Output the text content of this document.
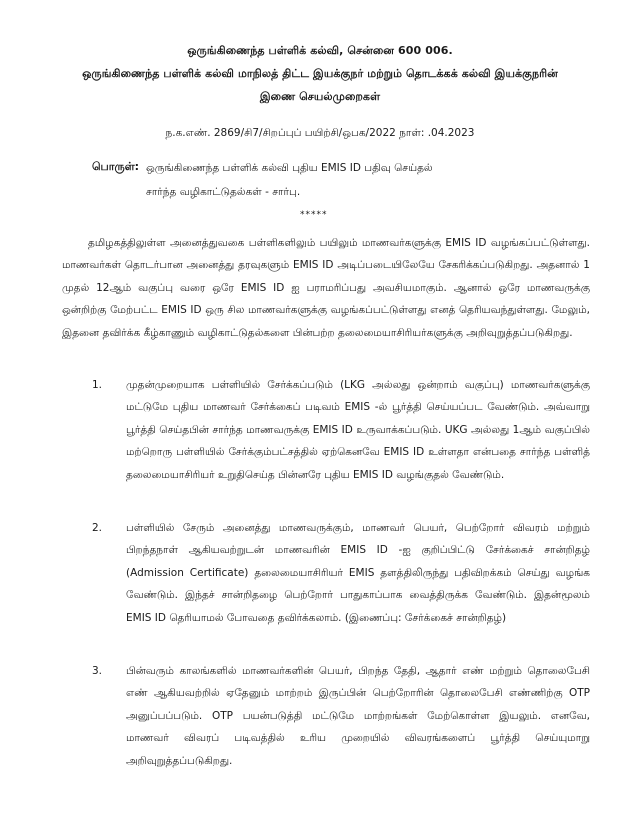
ஒருங்கிணைந்த பள்ளிக் கல்வி, சென்னை 600 006.
ஒருங்கிணைந்த பள்ளிக் கல்வி மாநிலத் திட்ட இயக்குநர் மற்றும் தொடக்கக் கல்வி இயக்குநரின்
இணை செயல்முறைகள்
ந.க.எண். 2869/சி7/சிறப்புப் பயிற்சி/ஒபக/2022 நாள்: .04.2023
பொருள்: ஒருங்கிணைந்த பள்ளிக் கல்வி புதிய EMIS ID பதிவு செய்தல்
சார்ந்த வழிகாட்டுதல்கள் - சார்பு.
*****
தமிழகத்திலுள்ள அனைத்துவகை பள்ளிகளிலும் பயிலும் மாணவர்களுக்கு EMIS ID வழங்கப்பட்டுள்ளது. மாணவர்கள் தொடர்பான அனைத்து தரவுகளும் EMIS ID அடிப்படையிலேயே சேகரிக்கப்படுகிறது. அதனால் 1 முதல் 12ஆம் வகுப்பு வரை ஒரே EMIS ID ஐ பராமரிப்பது அவசியமாகும். ஆனால் ஒரே மாணவருக்கு ஒன்றிற்கு மேற்பட்ட EMIS ID ஒரு சில மாணவர்களுக்கு வழங்கப்பட்டுள்ளது எனத் தெரியவந்துள்ளது. மேலும், இதனை தவிர்க்க கீழ்காணும் வழிகாட்டுதல்களை பின்பற்ற தலைமையாசிரியர்களுக்கு அறிவுறுத்தப்படுகிறது.
1. முதன்முறையாக பள்ளியில் சேர்க்கப்படும் (LKG அல்லது ஒன்றாம் வகுப்பு) மாணவர்களுக்கு மட்டுமே புதிய மாணவர் சேர்க்கைப் படிவம் EMIS -ல் பூர்த்தி செய்யப்பட வேண்டும். அவ்வாறு பூர்த்தி செய்தபின் சார்ந்த மாணவருக்கு EMIS ID உருவாக்கப்படும். UKG அல்லது 1ஆம் வகுப்பில் மற்றொரு பள்ளியில் சேர்க்கும்பட்சத்தில் ஏற்கெனவே EMIS ID உள்ளதா என்பதை சார்ந்த பள்ளித் தலைமையாசிரியர் உறுதிசெய்த பின்னரே புதிய EMIS ID வழங்குதல் வேண்டும்.
2. பள்ளியில் சேரும் அனைத்து மாணவருக்கும், மாணவர் பெயர், பெற்றோர் விவரம் மற்றும் பிறந்தநாள் ஆகியவற்றுடன் மாணவரின் EMIS ID -ஐ குறிப்பிட்டு சேர்க்கைச் சான்றிதழ் (Admission Certificate) தலைமையாசிரியர் EMIS தளத்திலிருந்து பதிவிறக்கம் செய்து வழங்க வேண்டும். இந்தச் சான்றிதழை பெற்றோர் பாதுகாப்பாக வைத்திருக்க வேண்டும். இதன்மூலம் EMIS ID தெரியாமல் போவதை தவிர்க்கலாம். (இணைப்பு: சேர்க்கைச் சான்றிதழ்)
3. பின்வரும் காலங்களில் மாணவர்களின் பெயர், பிறந்த தேதி, ஆதார் எண் மற்றும் தொலைபேசி எண் ஆகியவற்றில் ஏதேனும் மாற்றம் இருப்பின் பெற்றோரின் தொலைபேசி எண்ணிற்கு OTP அனுப்பப்படும். OTP பயன்படுத்தி மட்டுமே மாற்றங்கள் மேற்கொள்ள இயலும். எனவே, மாணவர் விவரப் படிவத்தில் உரிய முறையில் விவரங்களைப் பூர்த்தி செய்யுமாறு அறிவுறுத்தப்படுகிறது.
